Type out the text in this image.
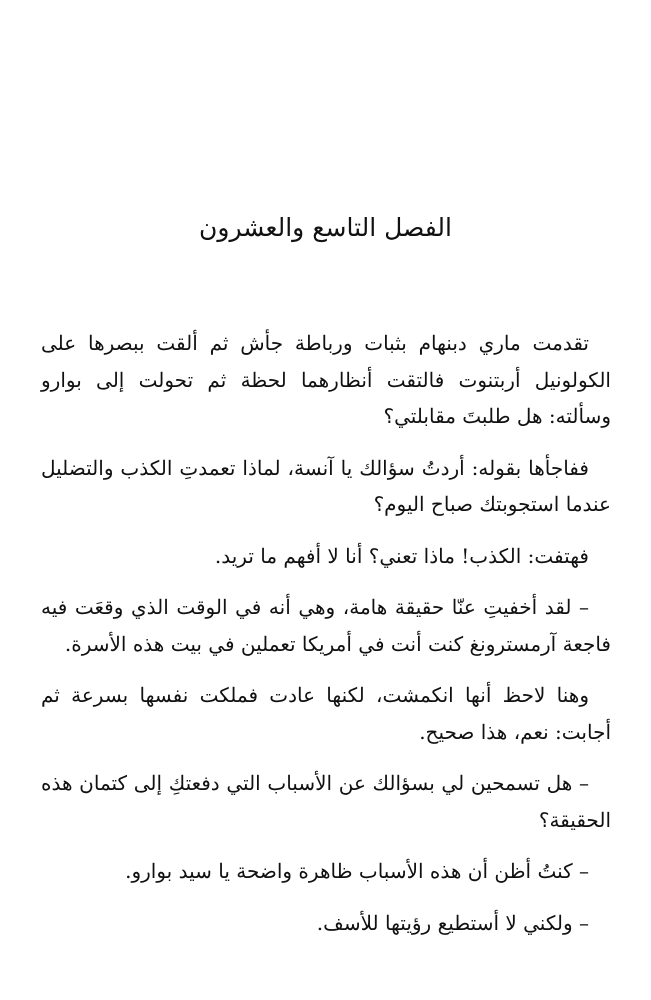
الفصل التاسع والعشرون

تقدمت ماري دبنهام بثبات ورباطة جأش ثم ألقت ببصرها على الكولونيل أربتنوت فالتقت أنظارهما لحظة ثم تحولت إلى بوارو وسألته: هل طلبتَ مقابلتي؟

ففاجأها بقوله: أردتُ سؤالك يا آنسة، لماذا تعمدتِ الكذب والتضليل عندما استجوبتك صباح اليوم؟

فهتفت: الكذب! ماذا تعني؟ أنا لا أفهم ما تريد.

– لقد أخفيتِ عنّا حقيقة هامة، وهي أنه في الوقت الذي وقعَت فيه فاجعة آرمسترونغ كنت أنت في أمريكا تعملين في بيت هذه الأسرة.

وهنا لاحظ أنها انكمشت، لكنها عادت فملكت نفسها بسرعة ثم أجابت: نعم، هذا صحيح.

– هل تسمحين لي بسؤالك عن الأسباب التي دفعتكِ إلى كتمان هذه الحقيقة؟

– كنتُ أظن أن هذه الأسباب ظاهرة واضحة يا سيد بوارو.

– ولكني لا أستطيع رؤيتها للأسف.
